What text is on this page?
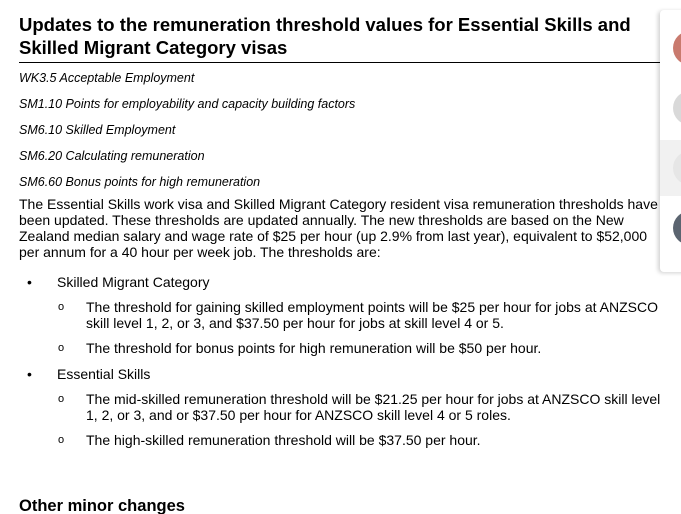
Updates to the remuneration threshold values for Essential Skills and Skilled Migrant Category visas
WK3.5 Acceptable Employment
SM1.10 Points for employability and capacity building factors
SM6.10 Skilled Employment
SM6.20 Calculating remuneration
SM6.60 Bonus points for high remuneration

The Essential Skills work visa and Skilled Migrant Category resident visa remuneration thresholds have been updated. These thresholds are updated annually. The new thresholds are based on the New Zealand median salary and wage rate of $25 per hour (up 2.9% from last year), equivalent to $52,000 per annum for a 40 hour per week job. The thresholds are:

• Skilled Migrant Category
o The threshold for gaining skilled employment points will be $25 per hour for jobs at ANZSCO skill level 1, 2, or 3, and $37.50 per hour for jobs at skill level 4 or 5.
o The threshold for bonus points for high remuneration will be $50 per hour.
• Essential Skills
o The mid-skilled remuneration threshold will be $21.25 per hour for jobs at ANZSCO skill level 1, 2, or 3, and or $37.50 per hour for ANZSCO skill level 4 or 5 roles.
o The high-skilled remuneration threshold will be $37.50 per hour.
Other minor changes
